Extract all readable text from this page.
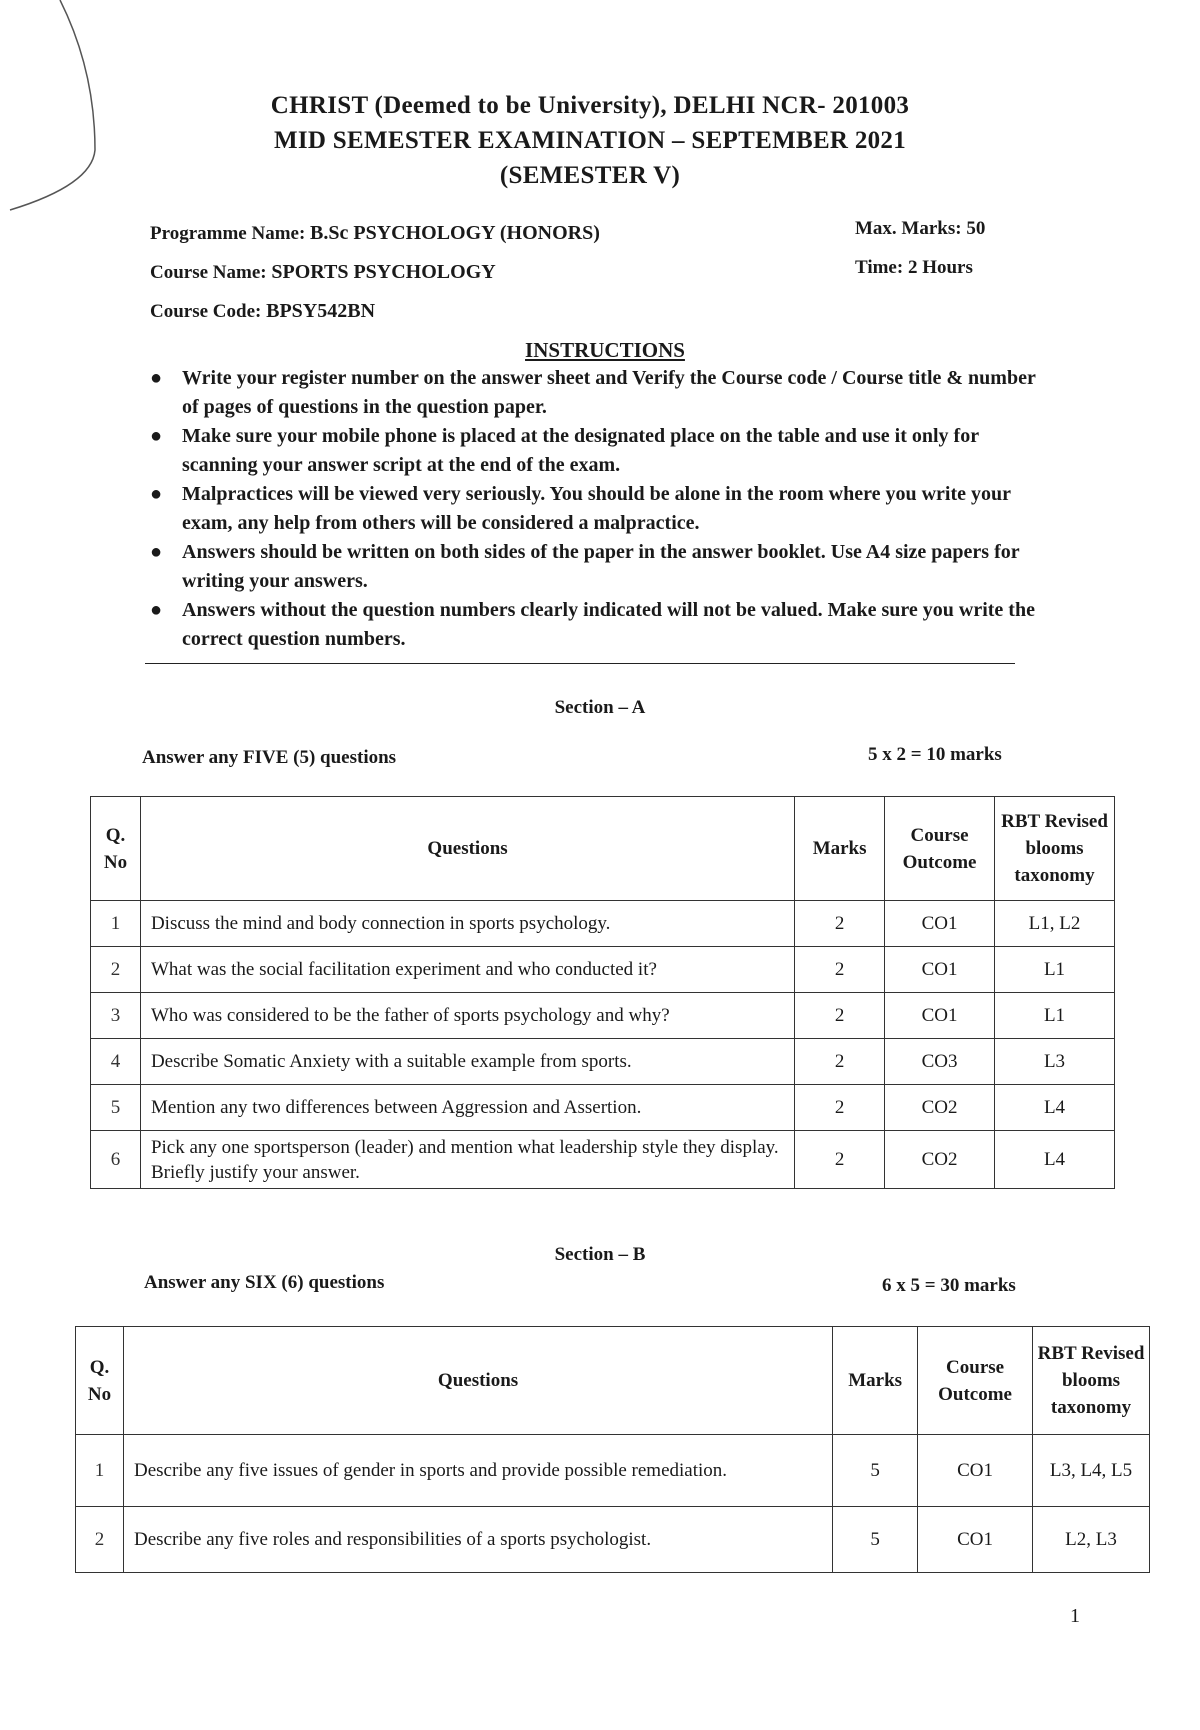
CHRIST (Deemed to be University), DELHI NCR- 201003
MID SEMESTER EXAMINATION – SEPTEMBER 2021
(SEMESTER V)
Programme Name: B.Sc PSYCHOLOGY (HONORS)
Course Name: SPORTS PSYCHOLOGY
Course Code: BPSY542BN
Max. Marks: 50
Time: 2 Hours
INSTRUCTIONS
● Write your register number on the answer sheet and Verify the Course code / Course title & number of pages of questions in the question paper.
● Make sure your mobile phone is placed at the designated place on the table and use it only for scanning your answer script at the end of the exam.
● Malpractices will be viewed very seriously. You should be alone in the room where you write your exam, any help from others will be considered a malpractice.
● Answers should be written on both sides of the paper in the answer booklet. Use A4 size papers for writing your answers.
● Answers without the question numbers clearly indicated will not be valued. Make sure you write the correct question numbers.
Section – A
Answer any FIVE (5) questions	5 x 2 = 10 marks
Q. No	Questions	Marks	Course Outcome	RBT Revised blooms taxonomy
1	Discuss the mind and body connection in sports psychology.	2	CO1	L1, L2
2	What was the social facilitation experiment and who conducted it?	2	CO1	L1
3	Who was considered to be the father of sports psychology and why?	2	CO1	L1
4	Describe Somatic Anxiety with a suitable example from sports.	2	CO3	L3
5	Mention any two differences between Aggression and Assertion.	2	CO2	L4
6	Pick any one sportsperson (leader) and mention what leadership style they display. Briefly justify your answer.	2	CO2	L4
Section – B
Answer any SIX (6) questions	6 x 5 = 30 marks
Q. No	Questions	Marks	Course Outcome	RBT Revised blooms taxonomy
1	Describe any five issues of gender in sports and provide possible remediation.	5	CO1	L3, L4, L5
2	Describe any five roles and responsibilities of a sports psychologist.	5	CO1	L2, L3
1
